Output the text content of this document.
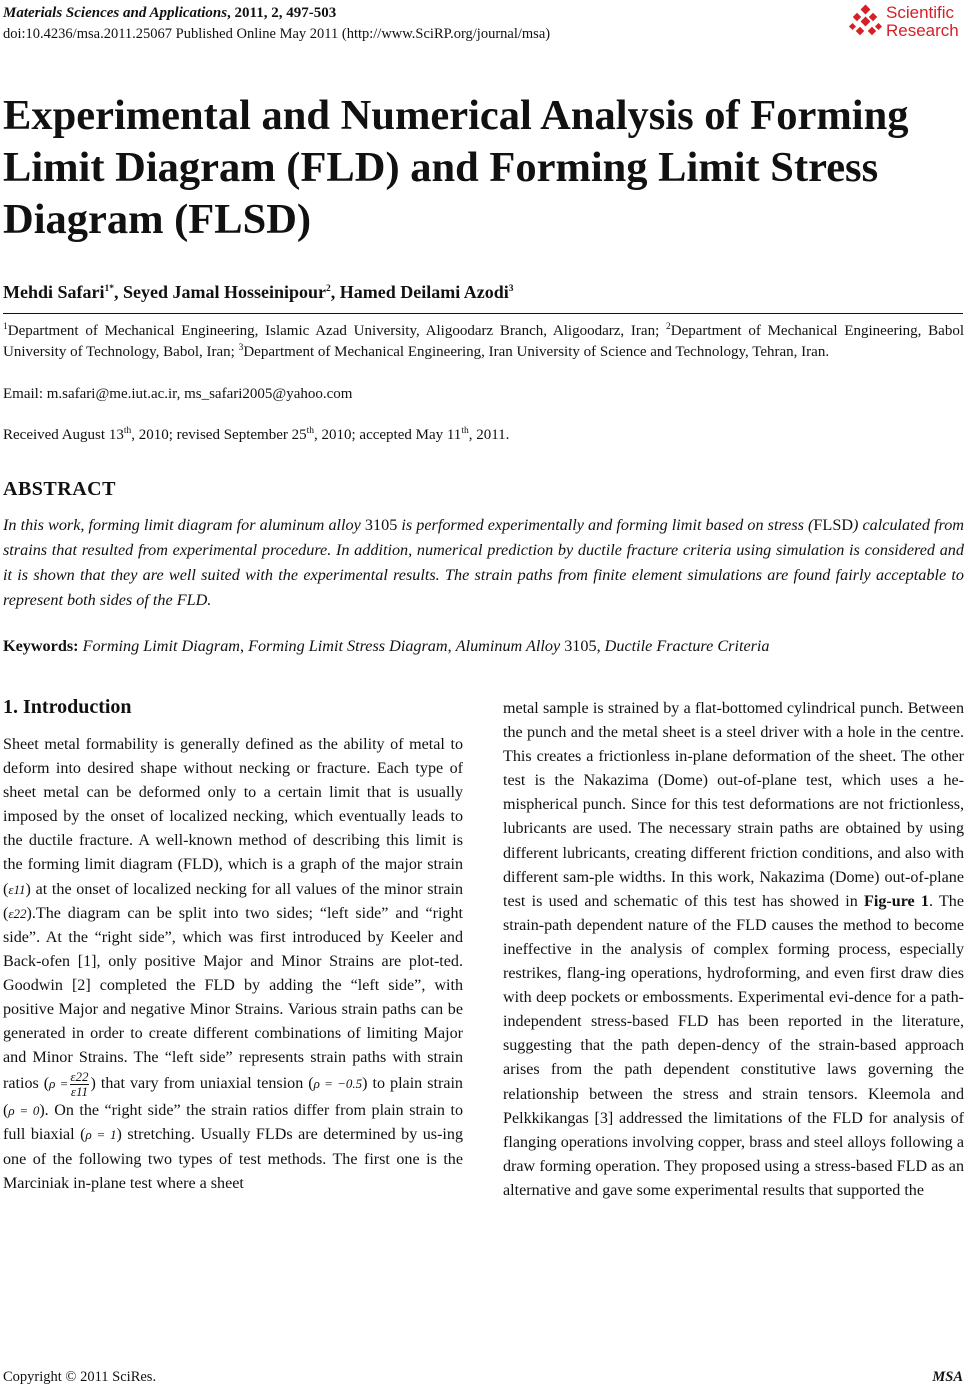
Materials Sciences and Applications, 2011, 2, 497-503
doi:10.4236/msa.2011.25067 Published Online May 2011 (http://www.SciRP.org/journal/msa)
Scientific
Research
Experimental and Numerical Analysis of Forming Limit Diagram (FLD) and Forming Limit Stress Diagram (FLSD)
Mehdi Safari$^{1*}$, Seyed Jamal Hosseinipour$^2$, Hamed Deilami Azodi$^3$
$^1$Department of Mechanical Engineering, Islamic Azad University, Aligoodarz Branch, Aligoodarz, Iran; $^2$Department of Mechanical Engineering, Babol University of Technology, Babol, Iran; $^3$Department of Mechanical Engineering, Iran University of Science and Technology, Tehran, Iran.
Email: m.safari@me.iut.ac.ir, ms_safari2005@yahoo.com
Received August 13th, 2010; revised September 25th, 2010; accepted May 11th, 2011.
ABSTRACT
In this work, forming limit diagram for aluminum alloy 3105 is performed experimentally and forming limit based on stress (FLSD) calculated from strains that resulted from experimental procedure. In addition, numerical prediction by ductile fracture criteria using simulation is considered and it is shown that they are well suited with the experimental results. The strain paths from finite element simulations are found fairly acceptable to represent both sides of the FLD.
Keywords: Forming Limit Diagram, Forming Limit Stress Diagram, Aluminum Alloy 3105, Ductile Fracture Criteria
1. Introduction
Sheet metal formability is generally defined as the ability of metal to deform into desired shape without necking or fracture. Each type of sheet metal can be deformed only to a certain limit that is usually imposed by the onset of localized necking, which eventually leads to the ductile fracture. A well-known method of describing this limit is the forming limit diagram (FLD), which is a graph of the major strain (ε11) at the onset of localized necking for all values of the minor strain (ε22).The diagram can be split into two sides; “left side” and “right side”. At the “right side”, which was first introduced by Keeler and Back-ofen [1], only positive Major and Minor Strains are plot-ted. Goodwin [2] completed the FLD by adding the “left side”, with positive Major and negative Minor Strains. Various strain paths can be generated in order to create different combinations of limiting Major and Minor Strains. The “left side” represents strain paths with strain ratios ($\rho = \frac{\varepsilon 22}{\varepsilon 11}$ ) that vary from uniaxial tension (ρ = −0.5) to plain strain (ρ = 0). On the “right side” the strain ratios differ from plain strain to full biaxial (ρ = 1) stretching. Usually FLDs are determined by us-ing one of the following two types of test methods. The first one is the Marciniak in-plane test where a sheet
metal sample is strained by a flat-bottomed cylindrical punch. Between the punch and the metal sheet is a steel driver with a hole in the centre. This creates a frictionless in-plane deformation of the sheet. The other test is the Nakazima (Dome) out-of-plane test, which uses a he-mispherical punch. Since for this test deformations are not frictionless, lubricants are used. The necessary strain paths are obtained by using different lubricants, creating different friction conditions, and also with different sam-ple widths. In this work, Nakazima (Dome) out-of-plane test is used and schematic of this test has showed in Fig-ure 1. The strain-path dependent nature of the FLD causes the method to become ineffective in the analysis of complex forming process, especially restrikes, flang-ing operations, hydroforming, and even first draw dies with deep pockets or embossments. Experimental evi-dence for a path-independent stress-based FLD has been reported in the literature, suggesting that the path depen-dency of the strain-based approach arises from the path dependent constitutive laws governing the relationship between the stress and strain tensors. Kleemola and Pelkkikangas [3] addressed the limitations of the FLD for analysis of flanging operations involving copper, brass and steel alloys following a draw forming operation. They proposed using a stress-based FLD as an alternative and gave some experimental results that supported the
Copyright © 2011 SciRes.	MSA
